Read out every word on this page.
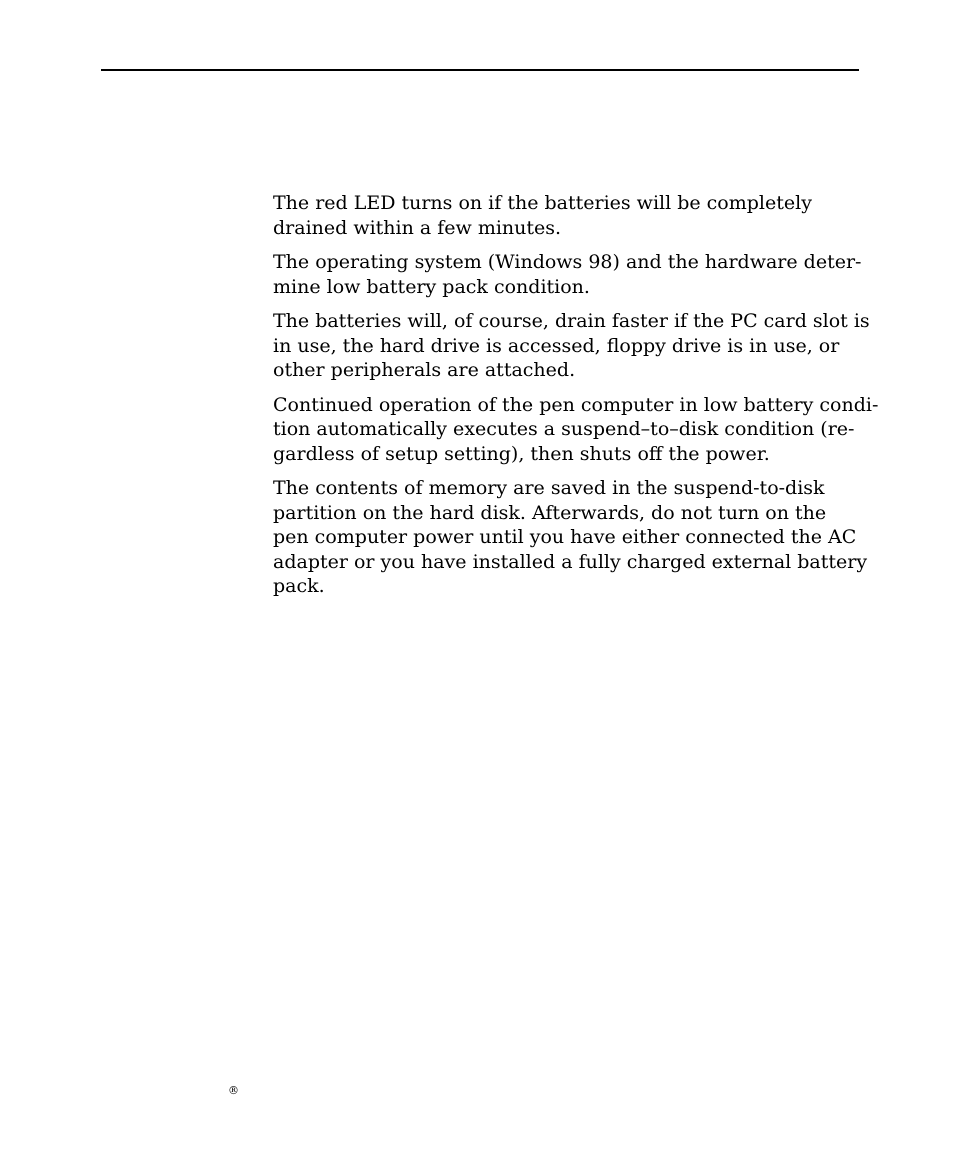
The red LED turns on if the batteries will be completely
drained within a few minutes.

The operating system (Windows 98) and the hardware deter-
mine low battery pack condition.

The batteries will, of course, drain faster if the PC card slot is
in use, the hard drive is accessed, floppy drive is in use, or
other peripherals are attached.

Continued operation of the pen computer in low battery condi-
tion automatically executes a suspend–to–disk condition (re-
gardless of setup setting), then shuts off the power.

The contents of memory are saved in the suspend-to-disk
partition on the hard disk. Afterwards, do not turn on the
pen computer power until you have either connected the AC
adapter or you have installed a fully charged external battery
pack.

®
